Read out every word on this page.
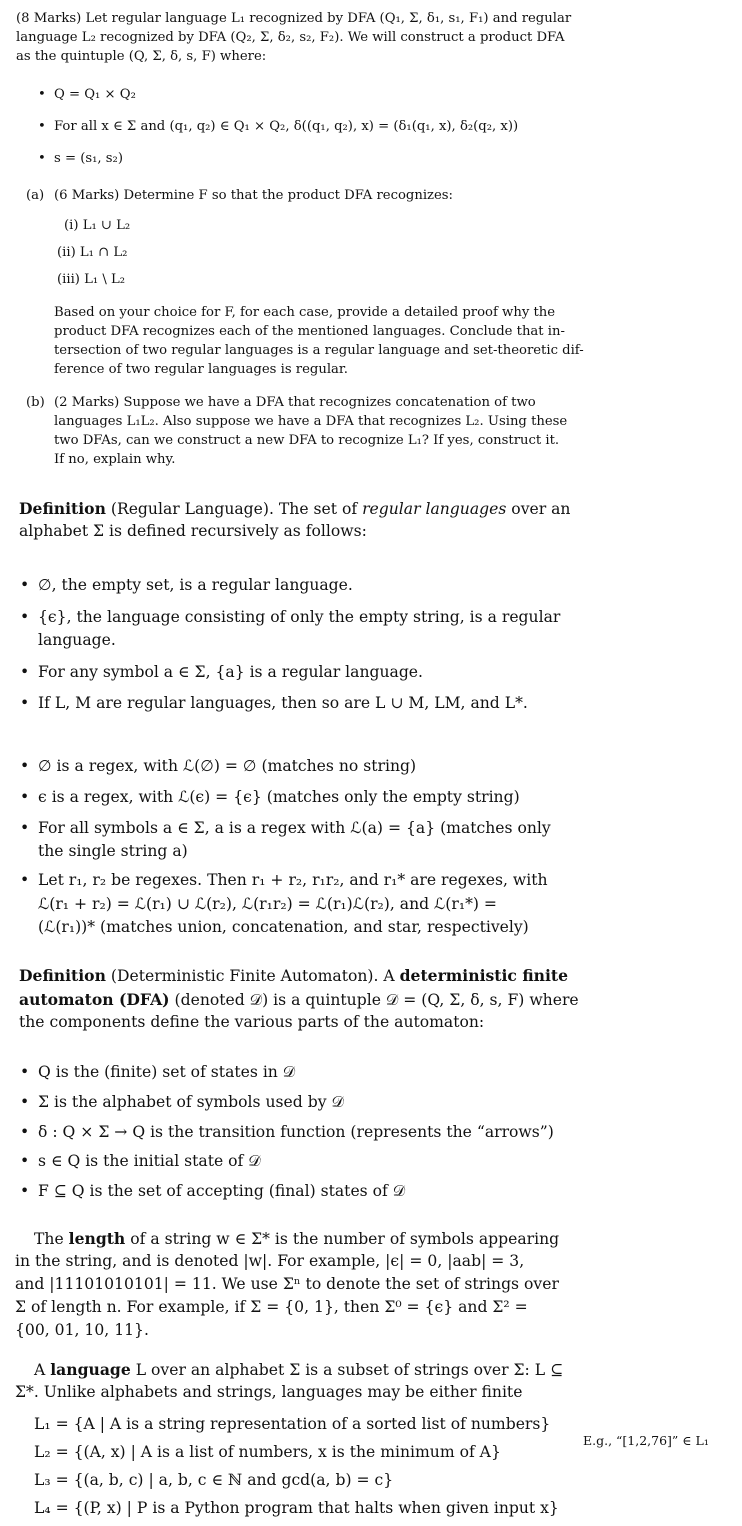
(8 Marks) Let regular language L₁ recognized by DFA (Q₁, Σ, δ₁, s₁, F₁) and regular
language L₂ recognized by DFA (Q₂, Σ, δ₂, s₂, F₂). We will construct a product DFA
as the quintuple (Q, Σ, δ, s, F) where:
• Q = Q₁ × Q₂
• For all x ∈ Σ and (q₁, q₂) ∈ Q₁ × Q₂, δ((q₁, q₂), x) = (δ₁(q₁, x), δ₂(q₂, x))
• s = (s₁, s₂)
(a) (6 Marks) Determine F so that the product DFA recognizes:
(i) L₁ ∪ L₂
(ii) L₁ ∩ L₂
(iii) L₁ \ L₂
Based on your choice for F, for each case, provide a detailed proof why the
product DFA recognizes each of the mentioned languages. Conclude that in-
tersection of two regular languages is a regular language and set-theoretic dif-
ference of two regular languages is regular.
(b) (2 Marks) Suppose we have a DFA that recognizes concatenation of two
languages L₁L₂. Also suppose we have a DFA that recognizes L₂. Using these
two DFAs, can we construct a new DFA to recognize L₁? If yes, construct it.
If no, explain why.
Definition (Regular Language). The set of regular languages over an
alphabet Σ is defined recursively as follows:
• ∅, the empty set, is a regular language.
• {ϵ}, the language consisting of only the empty string, is a regular
language.
• For any symbol a ∈ Σ, {a} is a regular language.
• If L, M are regular languages, then so are L ∪ M, LM, and L*.
• ∅ is a regex, with ℒ(∅) = ∅ (matches no string)
• ϵ is a regex, with ℒ(ϵ) = {ϵ} (matches only the empty string)
• For all symbols a ∈ Σ, a is a regex with ℒ(a) = {a} (matches only
the single string a)
• Let r₁, r₂ be regexes. Then r₁ + r₂, r₁r₂, and r₁* are regexes, with
ℒ(r₁ + r₂) = ℒ(r₁) ∪ ℒ(r₂), ℒ(r₁r₂) = ℒ(r₁)ℒ(r₂), and ℒ(r₁*) =
(ℒ(r₁))* (matches union, concatenation, and star, respectively)
Definition (Deterministic Finite Automaton). A deterministic finite
automaton (DFA) (denoted 𝒟) is a quintuple 𝒟 = (Q, Σ, δ, s, F) where
the components define the various parts of the automaton:
• Q is the (finite) set of states in 𝒟
• Σ is the alphabet of symbols used by 𝒟
• δ : Q × Σ → Q is the transition function (represents the “arrows”)
• s ∈ Q is the initial state of 𝒟
• F ⊆ Q is the set of accepting (final) states of 𝒟
The length of a string w ∈ Σ* is the number of symbols appearing
in the string, and is denoted |w|. For example, |ϵ| = 0, |aab| = 3,
and |11101010101| = 11. We use Σⁿ to denote the set of strings over
Σ of length n. For example, if Σ = {0, 1}, then Σ⁰ = {ϵ} and Σ² =
{00, 01, 10, 11}.
A language L over an alphabet Σ is a subset of strings over Σ: L ⊆
Σ*. Unlike alphabets and strings, languages may be either finite
L₁ = {A | A is a string representation of a sorted list of numbers}
E.g., “[1,2,76]” ∈ L₁
L₂ = {(A, x) | A is a list of numbers, x is the minimum of A}
L₃ = {(a, b, c) | a, b, c ∈ ℕ and gcd(a, b) = c}
L₄ = {(P, x) | P is a Python program that halts when given input x}
